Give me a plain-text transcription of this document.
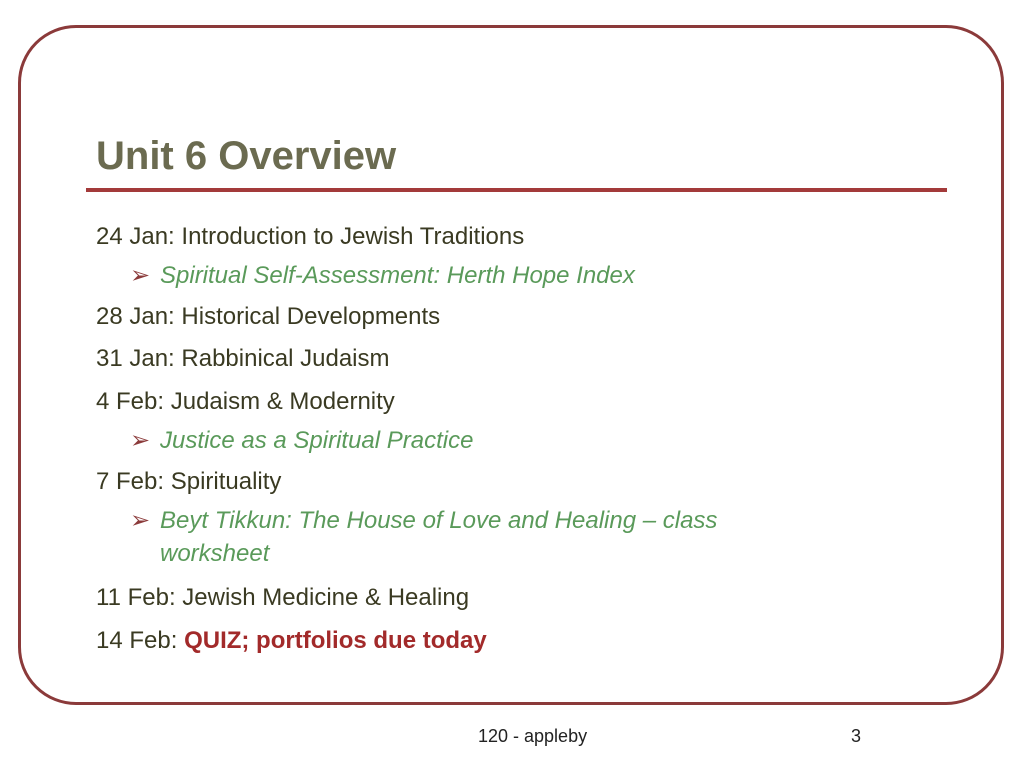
Unit 6 Overview
24 Jan: Introduction to Jewish Traditions
➢ Spiritual Self-Assessment: Herth Hope Index
28 Jan: Historical Developments
31 Jan: Rabbinical Judaism
4 Feb: Judaism & Modernity
➢ Justice as a Spiritual Practice
7 Feb: Spirituality
➢ Beyt Tikkun: The House of Love and Healing – class
worksheet
11 Feb: Jewish Medicine & Healing
14 Feb: QUIZ; portfolios due today
120 - appleby	3
